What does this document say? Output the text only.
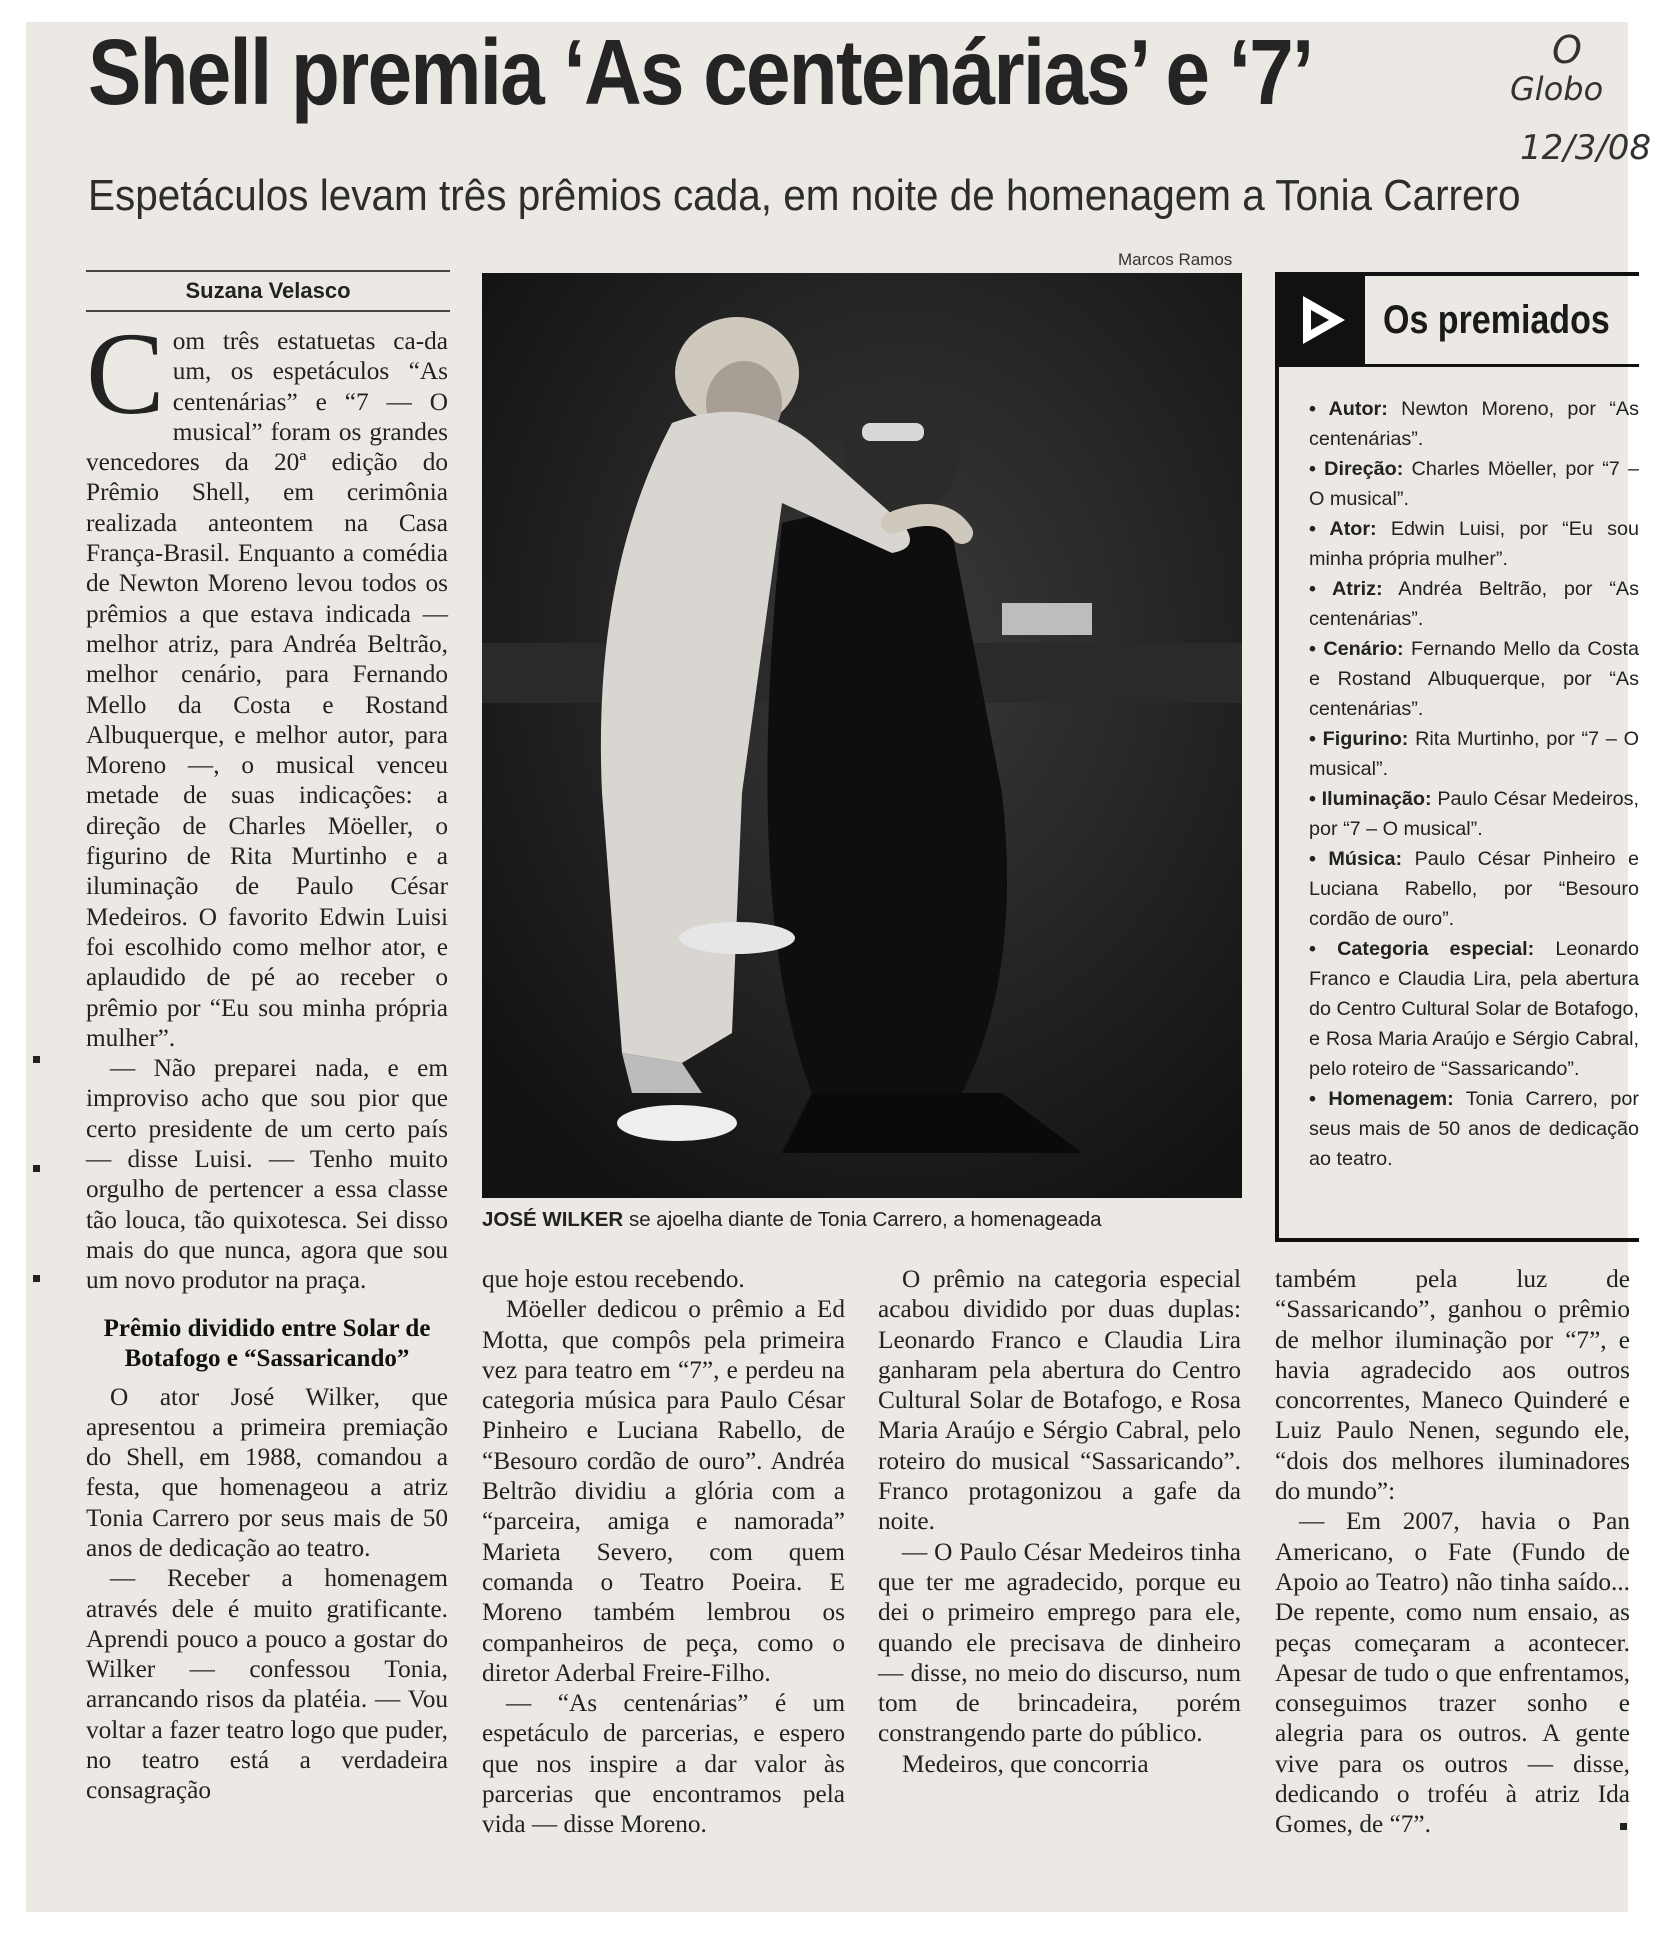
Shell premia ‘As centenárias’ e ‘7’	O
Globo
12/3/08
Espetáculos levam três prêmios cada, em noite de homenagem a Tonia Carrero
Suzana Velasco

Com três estatuetas ca-da um, os espetáculos “As centenárias” e “7 — O musical” foram os grandes vencedores da 20ª edição do Prêmio Shell, em cerimônia realizada anteontem na Casa França-Brasil. Enquanto a comédia de Newton Moreno levou todos os prêmios a que estava indicada — melhor atriz, para Andréa Beltrão, melhor cenário, para Fernando Mello da Costa e Rostand Albuquerque, e melhor autor, para Moreno —, o musical venceu metade de suas indicações: a direção de Charles Möeller, o figurino de Rita Murtinho e a iluminação de Paulo César Medeiros. O favorito Edwin Luisi foi escolhido como melhor ator, e aplaudido de pé ao receber o prêmio por “Eu sou minha própria mulher”.

— Não preparei nada, e em improviso acho que sou pior que certo presidente de um certo país — disse Luisi. — Tenho muito orgulho de pertencer a essa classe tão louca, tão quixotesca. Sei disso mais do que nunca, agora que sou um novo produtor na praça.

Prêmio dividido entre Solar de Botafogo e “Sassaricando”

O ator José Wilker, que apresentou a primeira premiação do Shell, em 1988, comandou a festa, que homenageou a atriz Tonia Carrero por seus mais de 50 anos de dedicação ao teatro.

— Receber a homenagem através dele é muito gratificante. Aprendi pouco a pouco a gostar do Wilker — confessou Tonia, arrancando risos da platéia. — Vou voltar a fazer teatro logo que puder, no teatro está a verdadeira consagração

Marcos Ramos
JOSÉ WILKER se ajoelha diante de Tonia Carrero, a homenageada
Os premiados

• Autor: Newton Moreno, por “As centenárias”.

• Direção: Charles Möeller, por “7 – O musical”.

• Ator: Edwin Luisi, por “Eu sou minha própria mulher”.

• Atriz: Andréa Beltrão, por “As centenárias”.

• Cenário: Fernando Mello da Costa e Rostand Albuquerque, por “As centenárias”.

• Figurino: Rita Murtinho, por “7 – O musical”.

• Iluminação: Paulo César Medeiros, por “7 – O musical”.

• Música: Paulo César Pinheiro e Luciana Rabello, por “Besouro cordão de ouro”.

• Categoria especial: Leonardo Franco e Claudia Lira, pela abertura do Centro Cultural Solar de Botafogo, e Rosa Maria Araújo e Sérgio Cabral, pelo roteiro de “Sassaricando”.

• Homenagem: Tonia Carrero, por seus mais de 50 anos de dedicação ao teatro.

que hoje estou recebendo.

Möeller dedicou o prêmio a Ed Motta, que compôs pela primeira vez para teatro em “7”, e perdeu na categoria música para Paulo César Pinheiro e Luciana Rabello, de “Besouro cordão de ouro”. Andréa Beltrão dividiu a glória com a “parceira, amiga e namorada” Marieta Severo, com quem comanda o Teatro Poeira. E Moreno também lembrou os companheiros de peça, como o diretor Aderbal Freire-Filho.

— “As centenárias” é um espetáculo de parcerias, e espero que nos inspire a dar valor às parcerias que encontramos pela vida — disse Moreno.

O prêmio na categoria especial acabou dividido por duas duplas: Leonardo Franco e Claudia Lira ganharam pela abertura do Centro Cultural Solar de Botafogo, e Rosa Maria Araújo e Sérgio Cabral, pelo roteiro do musical “Sassaricando”. Franco protagonizou a gafe da noite.

— O Paulo César Medeiros tinha que ter me agradecido, porque eu dei o primeiro emprego para ele, quando ele precisava de dinheiro — disse, no meio do discurso, num tom de brincadeira, porém constrangendo parte do público.

Medeiros, que concorria

também pela luz de “Sassaricando”, ganhou o prêmio de melhor iluminação por “7”, e havia agradecido aos outros concorrentes, Maneco Quinderé e Luiz Paulo Nenen, segundo ele, “dois dos melhores iluminadores do mundo”:

— Em 2007, havia o Pan Americano, o Fate (Fundo de Apoio ao Teatro) não tinha saído... De repente, como num ensaio, as peças começaram a acontecer. Apesar de tudo o que enfrentamos, conseguimos trazer sonho e alegria para os outros. A gente vive para os outros — disse, dedicando o troféu à atriz Ida Gomes, de “7”.
